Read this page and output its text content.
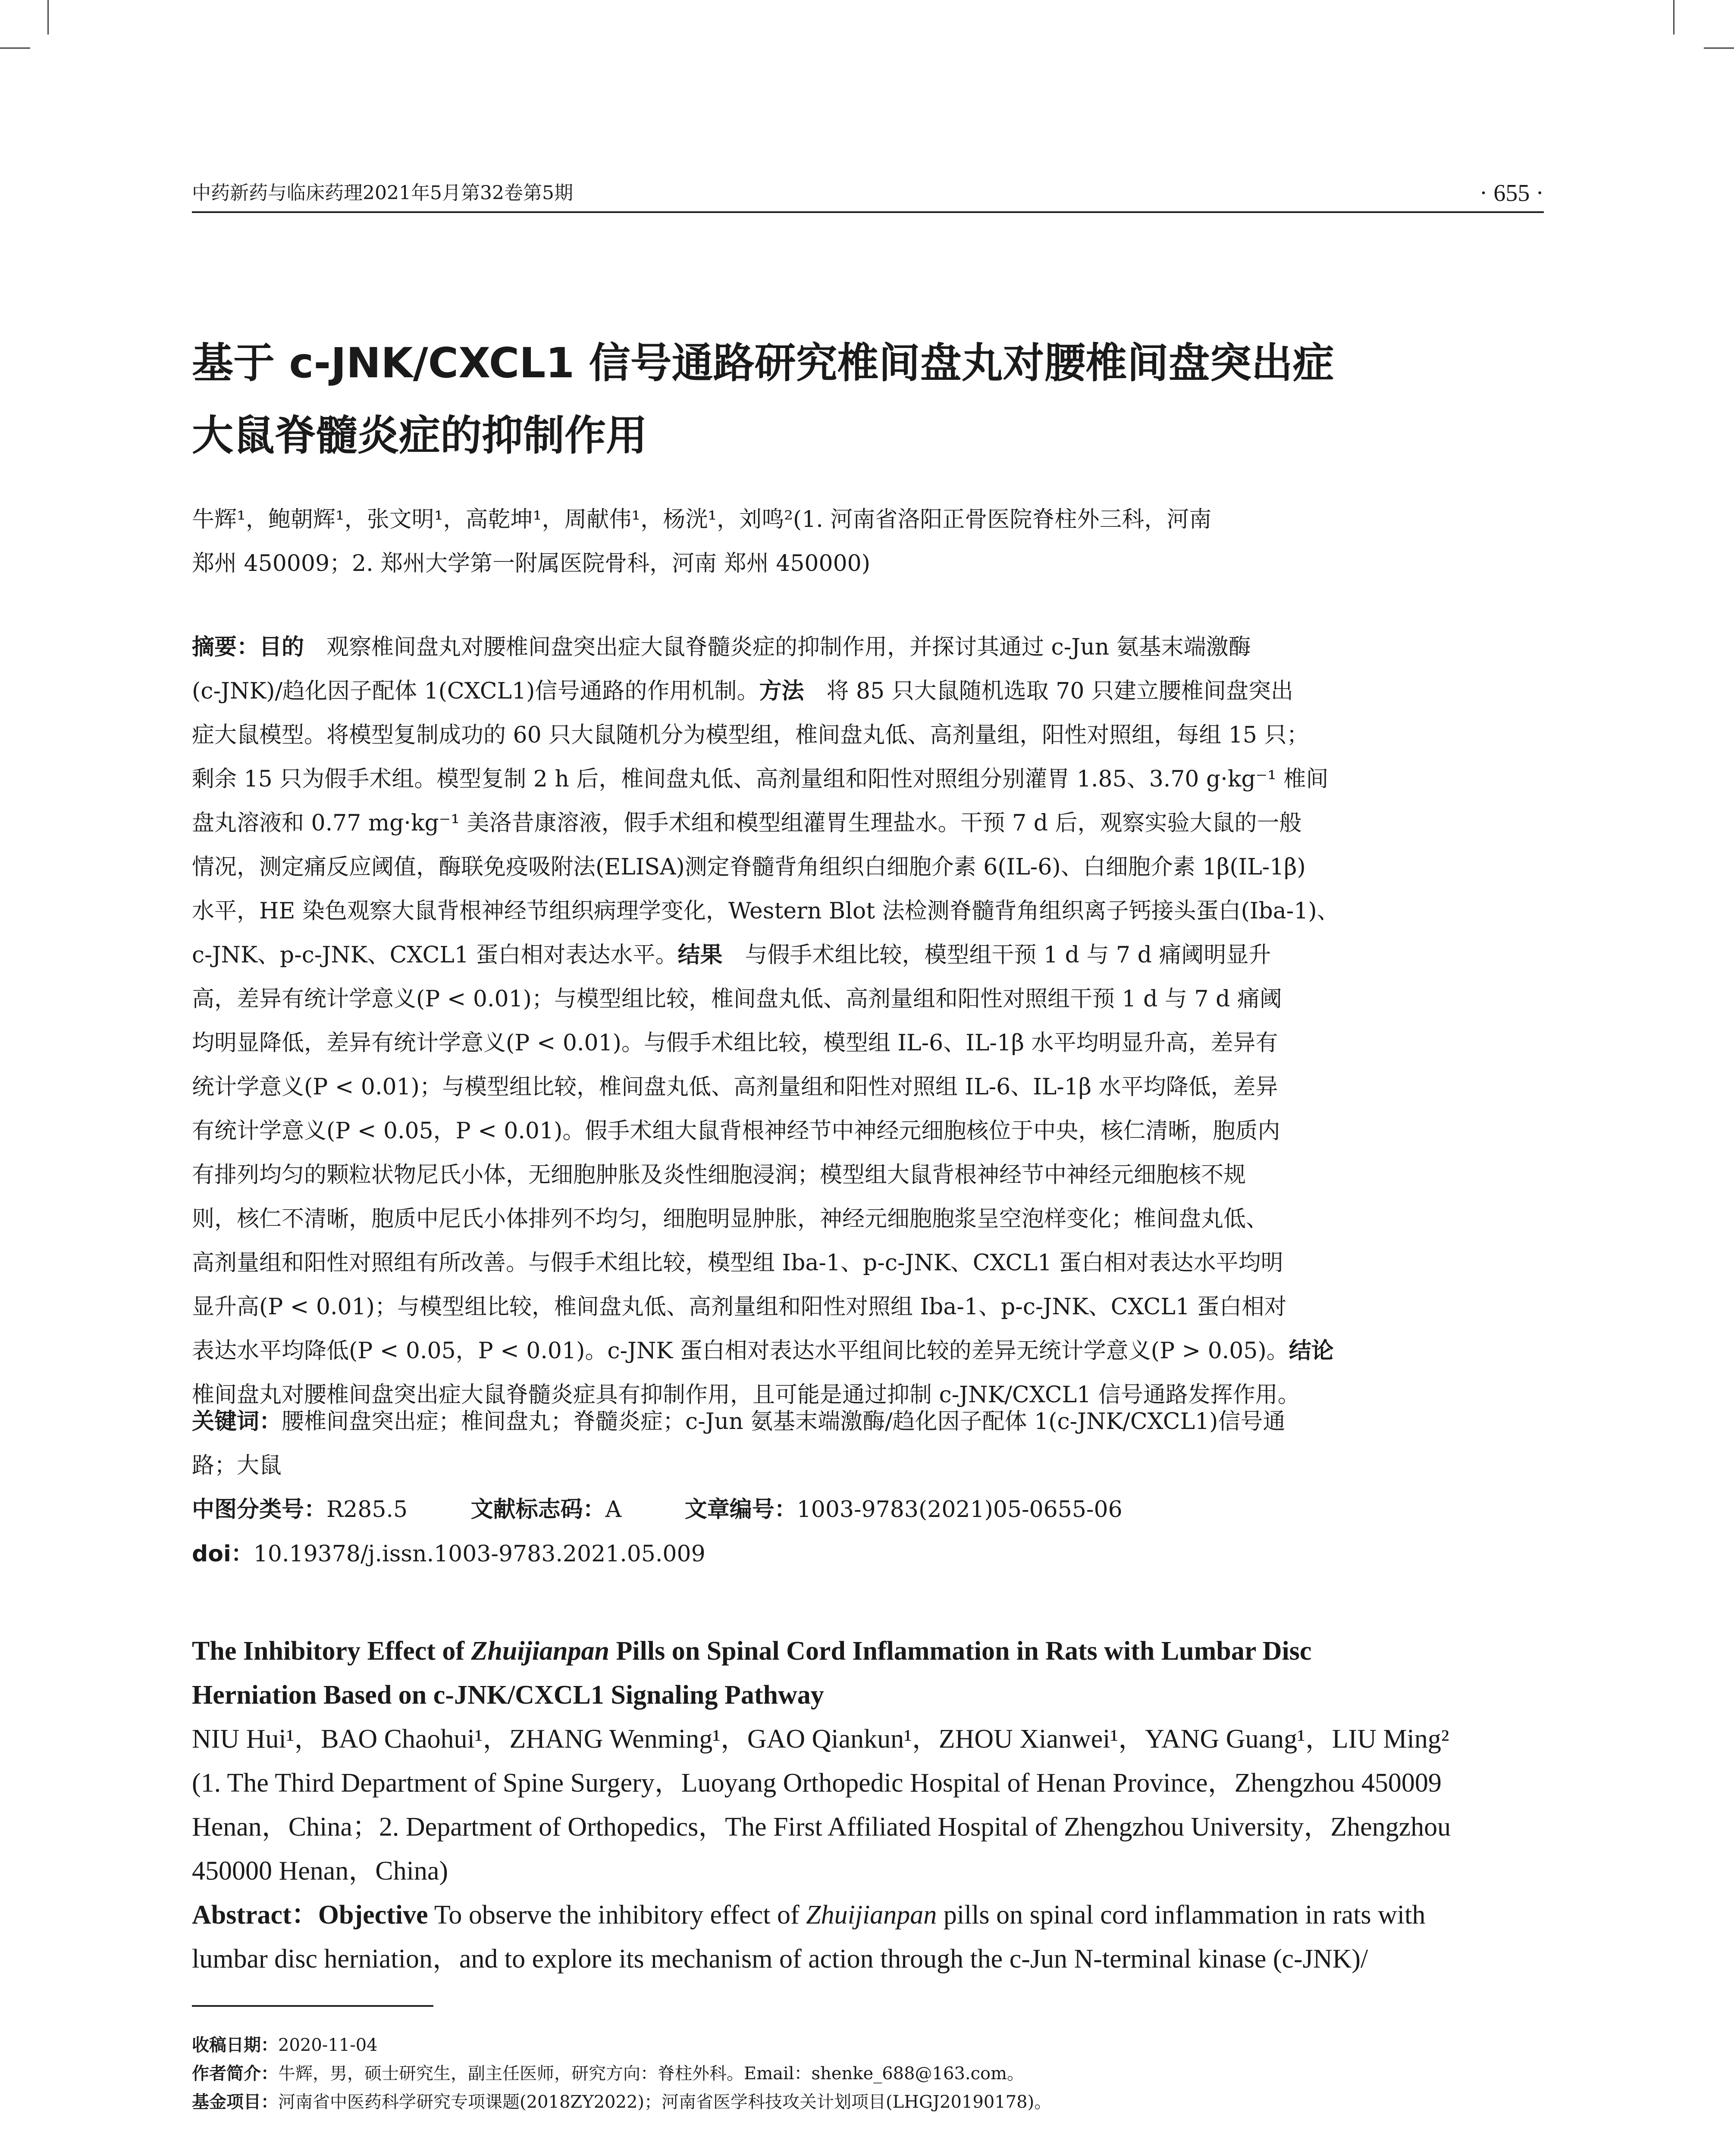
中药新药与临床药理2021年5月第32卷第5期	· 655 ·
基于 c-JNK/CXCL1 信号通路研究椎间盘丸对腰椎间盘突出症
大鼠脊髓炎症的抑制作用
牛辉¹，鲍朝辉¹，张文明¹，高乾坤¹，周献伟¹，杨洸¹，刘鸣²(1. 河南省洛阳正骨医院脊柱外三科，河南
郑州 450009；2. 郑州大学第一附属医院骨科，河南 郑州 450000)
摘要：目的  观察椎间盘丸对腰椎间盘突出症大鼠脊髓炎症的抑制作用，并探讨其通过 c-Jun 氨基末端激酶
(c-JNK)/趋化因子配体 1(CXCL1)信号通路的作用机制。方法  将 85 只大鼠随机选取 70 只建立腰椎间盘突出
症大鼠模型。将模型复制成功的 60 只大鼠随机分为模型组，椎间盘丸低、高剂量组，阳性对照组，每组 15 只；
剩余 15 只为假手术组。模型复制 2 h 后，椎间盘丸低、高剂量组和阳性对照组分别灌胃 1.85、3.70 g·kg⁻¹ 椎间
盘丸溶液和 0.77 mg·kg⁻¹ 美洛昔康溶液，假手术组和模型组灌胃生理盐水。干预 7 d 后，观察实验大鼠的一般
情况，测定痛反应阈值，酶联免疫吸附法(ELISA)测定脊髓背角组织白细胞介素 6(IL-6)、白细胞介素 1β(IL-1β)
水平，HE 染色观察大鼠背根神经节组织病理学变化，Western Blot 法检测脊髓背角组织离子钙接头蛋白(Iba-1)、
c-JNK、p-c-JNK、CXCL1 蛋白相对表达水平。结果  与假手术组比较，模型组干预 1 d 与 7 d 痛阈明显升
高，差异有统计学意义(P < 0.01)；与模型组比较，椎间盘丸低、高剂量组和阳性对照组干预 1 d 与 7 d 痛阈
均明显降低，差异有统计学意义(P < 0.01)。与假手术组比较，模型组 IL-6、IL-1β 水平均明显升高，差异有
统计学意义(P < 0.01)；与模型组比较，椎间盘丸低、高剂量组和阳性对照组 IL-6、IL-1β 水平均降低，差异
有统计学意义(P < 0.05，P < 0.01)。假手术组大鼠背根神经节中神经元细胞核位于中央，核仁清晰，胞质内
有排列均匀的颗粒状物尼氏小体，无细胞肿胀及炎性细胞浸润；模型组大鼠背根神经节中神经元细胞核不规
则，核仁不清晰，胞质中尼氏小体排列不均匀，细胞明显肿胀，神经元细胞胞浆呈空泡样变化；椎间盘丸低、
高剂量组和阳性对照组有所改善。与假手术组比较，模型组 Iba-1、p-c-JNK、CXCL1 蛋白相对表达水平均明
显升高(P < 0.01)；与模型组比较，椎间盘丸低、高剂量组和阳性对照组 Iba-1、p-c-JNK、CXCL1 蛋白相对
表达水平均降低(P < 0.05，P < 0.01)。c-JNK 蛋白相对表达水平组间比较的差异无统计学意义(P > 0.05)。结论
椎间盘丸对腰椎间盘突出症大鼠脊髓炎症具有抑制作用，且可能是通过抑制 c-JNK/CXCL1 信号通路发挥作用。
关键词：腰椎间盘突出症；椎间盘丸；脊髓炎症；c-Jun 氨基末端激酶/趋化因子配体 1(c-JNK/CXCL1)信号通
路；大鼠
中图分类号：R285.5	文献标志码：A	文章编号：1003-9783(2021)05-0655-06
doi：10.19378/j.issn.1003-9783.2021.05.009
The Inhibitory Effect of Zhuijianpan Pills on Spinal Cord Inflammation in Rats with Lumbar Disc
Herniation Based on c-JNK/CXCL1 Signaling Pathway
NIU Hui¹，BAO Chaohui¹，ZHANG Wenming¹，GAO Qiankun¹，ZHOU Xianwei¹，YANG Guang¹，LIU Ming²
(1. The Third Department of Spine Surgery，Luoyang Orthopedic Hospital of Henan Province，Zhengzhou 450009
Henan，China；2. Department of Orthopedics，The First Affiliated Hospital of Zhengzhou University，Zhengzhou
450000 Henan，China)
Abstract：Objective To observe the inhibitory effect of Zhuijianpan pills on spinal cord inflammation in rats with
lumbar disc herniation，and to explore its mechanism of action through the c-Jun N-terminal kinase (c-JNK)/
收稿日期：2020-11-04
作者简介：牛辉，男，硕士研究生，副主任医师，研究方向：脊柱外科。Email：shenke_688@163.com。
基金项目：河南省中医药科学研究专项课题(2018ZY2022)；河南省医学科技攻关计划项目(LHGJ20190178)。
